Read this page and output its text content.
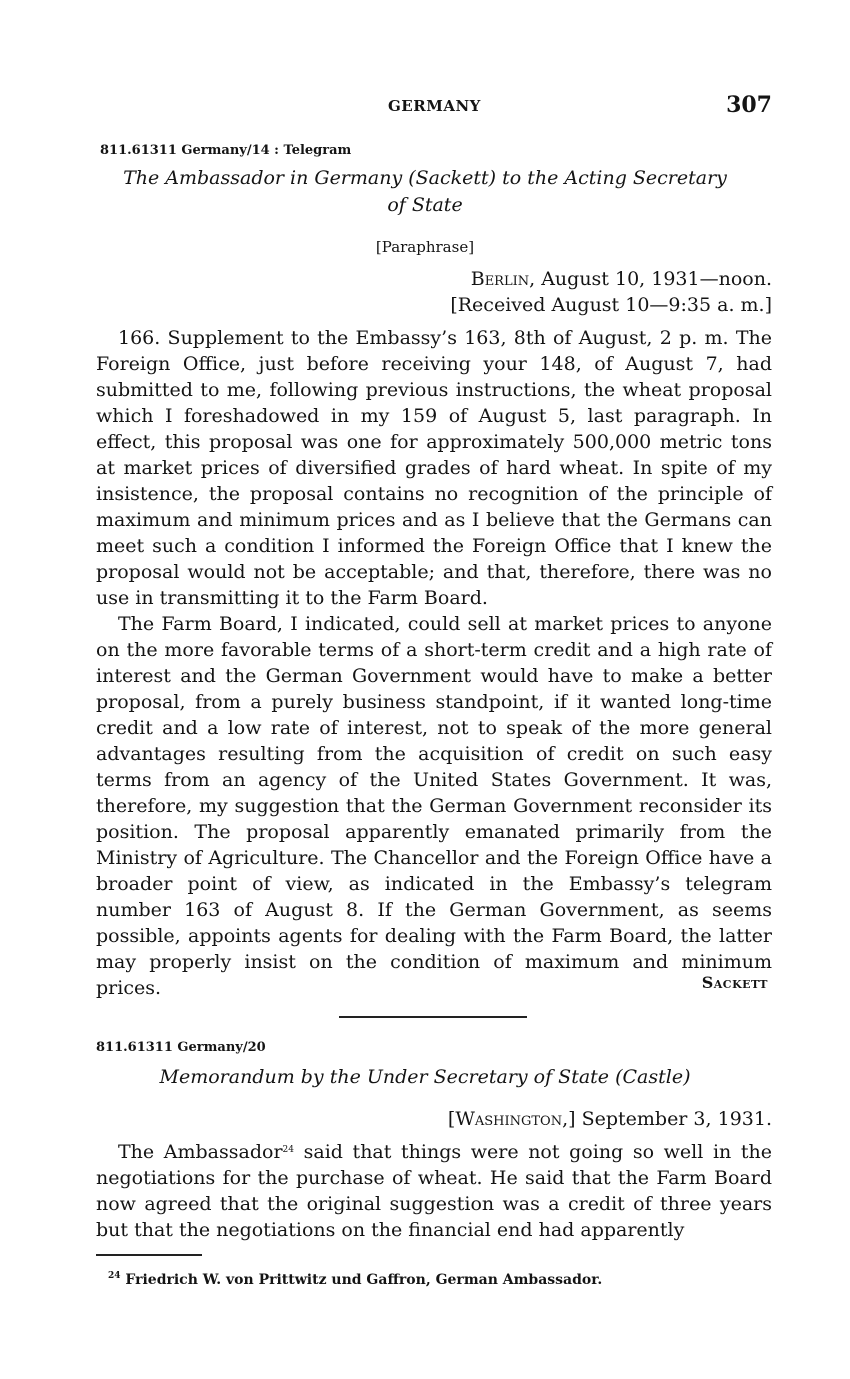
GERMANY	307
811.61311 Germany/14 : Telegram
The Ambassador in Germany (Sackett) to the Acting Secretary
of State
[Paraphrase]
Berlin, August 10, 1931—noon.
[Received August 10—9:35 a. m.]

166. Supplement to the Embassy’s 163, 8th of August, 2 p. m. The Foreign Office, just before receiving your 148, of August 7, had submitted to me, following previous instructions, the wheat proposal which I foreshadowed in my 159 of August 5, last paragraph. In effect, this proposal was one for approximately 500,000 metric tons at market prices of diversified grades of hard wheat. In spite of my insistence, the proposal contains no recognition of the principle of maximum and minimum prices and as I believe that the Germans can meet such a condition I informed the Foreign Office that I knew the proposal would not be acceptable; and that, therefore, there was no use in transmitting it to the Farm Board.

The Farm Board, I indicated, could sell at market prices to anyone on the more favorable terms of a short-term credit and a high rate of interest and the German Government would have to make a better proposal, from a purely business standpoint, if it wanted long-time credit and a low rate of interest, not to speak of the more general advantages resulting from the acquisition of credit on such easy terms from an agency of the United States Government. It was, therefore, my suggestion that the German Government reconsider its position. The proposal apparently emanated primarily from the Ministry of Agriculture. The Chancellor and the Foreign Office have a broader point of view, as indicated in the Embassy’s telegram number 163 of August 8. If the German Government, as seems possible, appoints agents for dealing with the Farm Board, the latter may properly insist on the condition of maximum and minimum prices.	Sackett
811.61311 Germany/20
Memorandum by the Under Secretary of State (Castle)
[Washington,] September 3, 1931.

The Ambassador$^{24}$ said that things were not going so well in the negotiations for the purchase of wheat. He said that the Farm Board now agreed that the original suggestion was a credit of three years but that the negotiations on the financial end had apparently

$^{24}$ Friedrich W. von Prittwitz und Gaffron, German Ambassador.
